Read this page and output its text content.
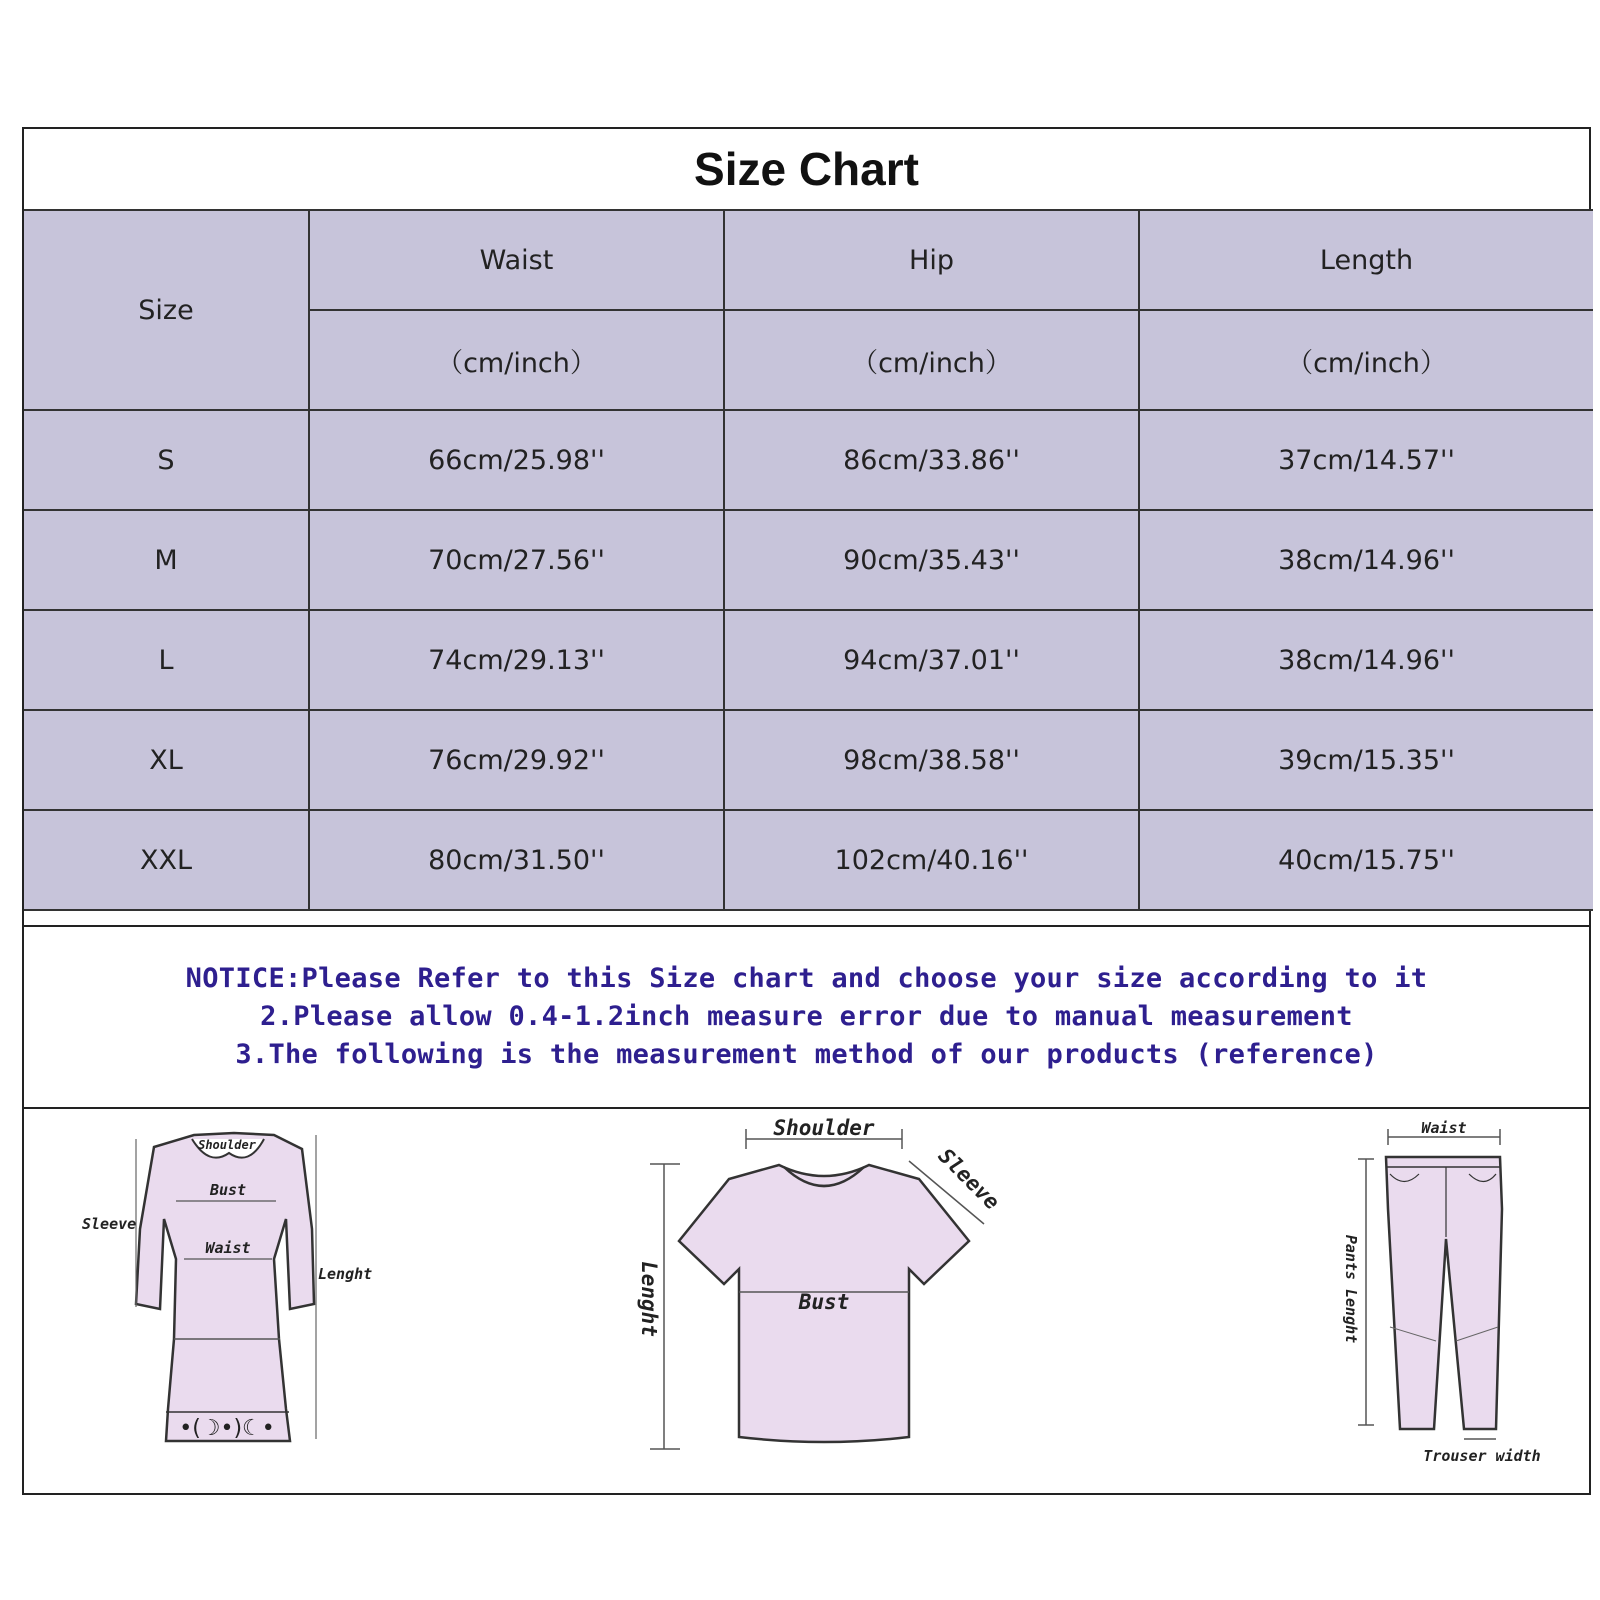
Size Chart
Size	Waist	Hip	Length
	（cm/inch）	（cm/inch）	（cm/inch）
S	66cm/25.98''	86cm/33.86''	37cm/14.57''
M	70cm/27.56''	90cm/35.43''	38cm/14.96''
L	74cm/29.13''	94cm/37.01''	38cm/14.96''
XL	76cm/29.92''	98cm/38.58''	39cm/15.35''
XXL	80cm/31.50''	102cm/40.16''	40cm/15.75''
NOTICE:Please Refer to this Size chart and choose your size according to it
2.Please allow 0.4-1.2inch measure error due to manual measurement
3.The following is the measurement method of our products (reference)
•(☽•)☾•
Shoulder
Bust
Waist
Sleeve
Lenght
Shoulder
Sleeve
Bust
Lenght
Waist
Pants Lenght
Trouser width
